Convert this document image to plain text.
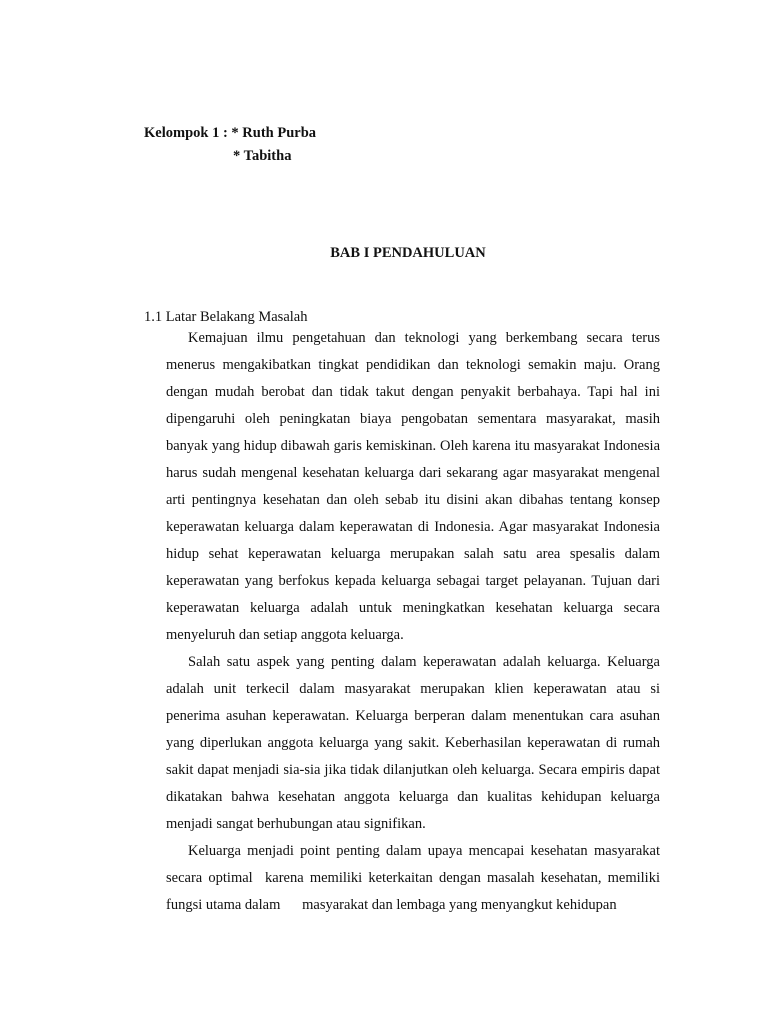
Kelompok 1 : * Ruth Purba
* Tabitha
BAB I PENDAHULUAN
1.1 Latar Belakang Masalah

Kemajuan ilmu pengetahuan dan teknologi yang berkembang secara terus menerus mengakibatkan tingkat pendidikan dan teknologi semakin maju. Orang dengan mudah berobat dan tidak takut dengan penyakit berbahaya. Tapi hal ini dipengaruhi oleh peningkatan biaya pengobatan sementara masyarakat, masih banyak yang hidup dibawah garis kemiskinan. Oleh karena itu masyarakat Indonesia harus sudah mengenal kesehatan keluarga dari sekarang agar masyarakat mengenal arti pentingnya kesehatan dan oleh sebab itu disini akan dibahas tentang konsep keperawatan keluarga dalam keperawatan di Indonesia. Agar masyarakat Indonesia hidup sehat keperawatan keluarga merupakan salah satu area spesalis dalam keperawatan yang berfokus kepada keluarga sebagai target pelayanan. Tujuan dari keperawatan keluarga adalah untuk meningkatkan kesehatan keluarga secara menyeluruh dan setiap anggota keluarga.

Salah satu aspek yang penting dalam keperawatan adalah keluarga. Keluarga adalah unit terkecil dalam masyarakat merupakan klien keperawatan atau si penerima asuhan keperawatan. Keluarga berperan dalam menentukan cara asuhan yang diperlukan anggota keluarga yang sakit. Keberhasilan keperawatan di rumah sakit dapat menjadi sia-sia jika tidak dilanjutkan oleh keluarga. Secara empiris dapat dikatakan bahwa kesehatan anggota keluarga dan kualitas kehidupan keluarga menjadi sangat berhubungan atau signifikan.

Keluarga menjadi point penting dalam upaya mencapai kesehatan masyarakat secara optimal  karena memiliki keterkaitan dengan masalah kesehatan, memiliki fungsi utama dalam      masyarakat dan lembaga yang menyangkut kehidupan
